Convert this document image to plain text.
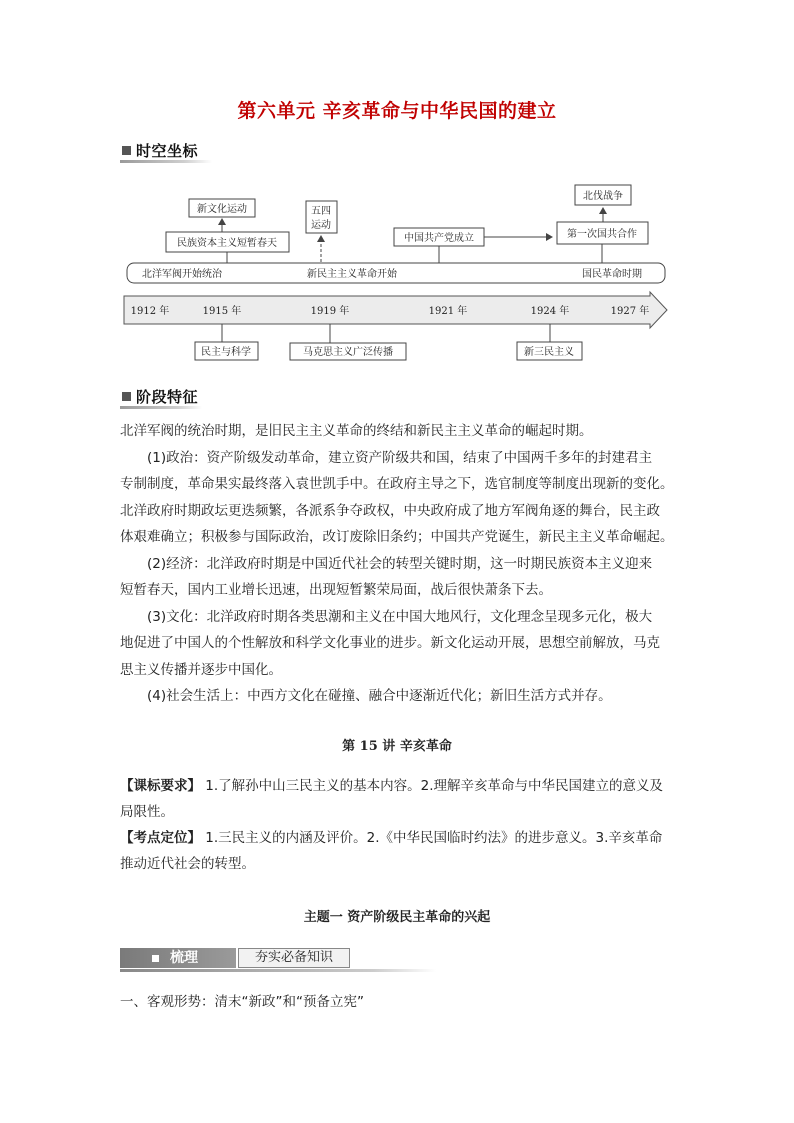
第六单元 辛亥革命与中华民国的建立
时空坐标
新文化运动
民族资本主义短暂春天
五四
运动
中国共产党成立
北伐战争
第一次国共合作
北洋军阀开始统治	新民主主义革命开始	国民革命时期
1912 年	1915 年	1919 年	1921 年	1924 年	1927 年
民主与科学	马克思主义广泛传播	新三民主义
阶段特征
北洋军阀的统治时期，是旧民主主义革命的终结和新民主主义革命的崛起时期。
(1)政治：资产阶级发动革命，建立资产阶级共和国，结束了中国两千多年的封建君主
专制制度，革命果实最终落入袁世凯手中。在政府主导之下，选官制度等制度出现新的变化。
北洋政府时期政坛更迭频繁，各派系争夺政权，中央政府成了地方军阀角逐的舞台，民主政
体艰难确立；积极参与国际政治，改订废除旧条约；中国共产党诞生，新民主主义革命崛起。
(2)经济：北洋政府时期是中国近代社会的转型关键时期，这一时期民族资本主义迎来
短暂春天，国内工业增长迅速，出现短暂繁荣局面，战后很快萧条下去。
(3)文化：北洋政府时期各类思潮和主义在中国大地风行，文化理念呈现多元化，极大
地促进了中国人的个性解放和科学文化事业的进步。新文化运动开展，思想空前解放，马克
思主义传播并逐步中国化。
(4)社会生活上：中西方文化在碰撞、融合中逐渐近代化；新旧生活方式并存。
第 15 讲 辛亥革命
【课标要求】 1.了解孙中山三民主义的基本内容。2.理解辛亥革命与中华民国建立的意义及
局限性。
【考点定位】 1.三民主义的内涵及评价。2.《中华民国临时约法》的进步意义。3.辛亥革命
推动近代社会的转型。
主题一 资产阶级民主革命的兴起
梳理	夯实必备知识
一、客观形势：清末“新政”和“预备立宪”
